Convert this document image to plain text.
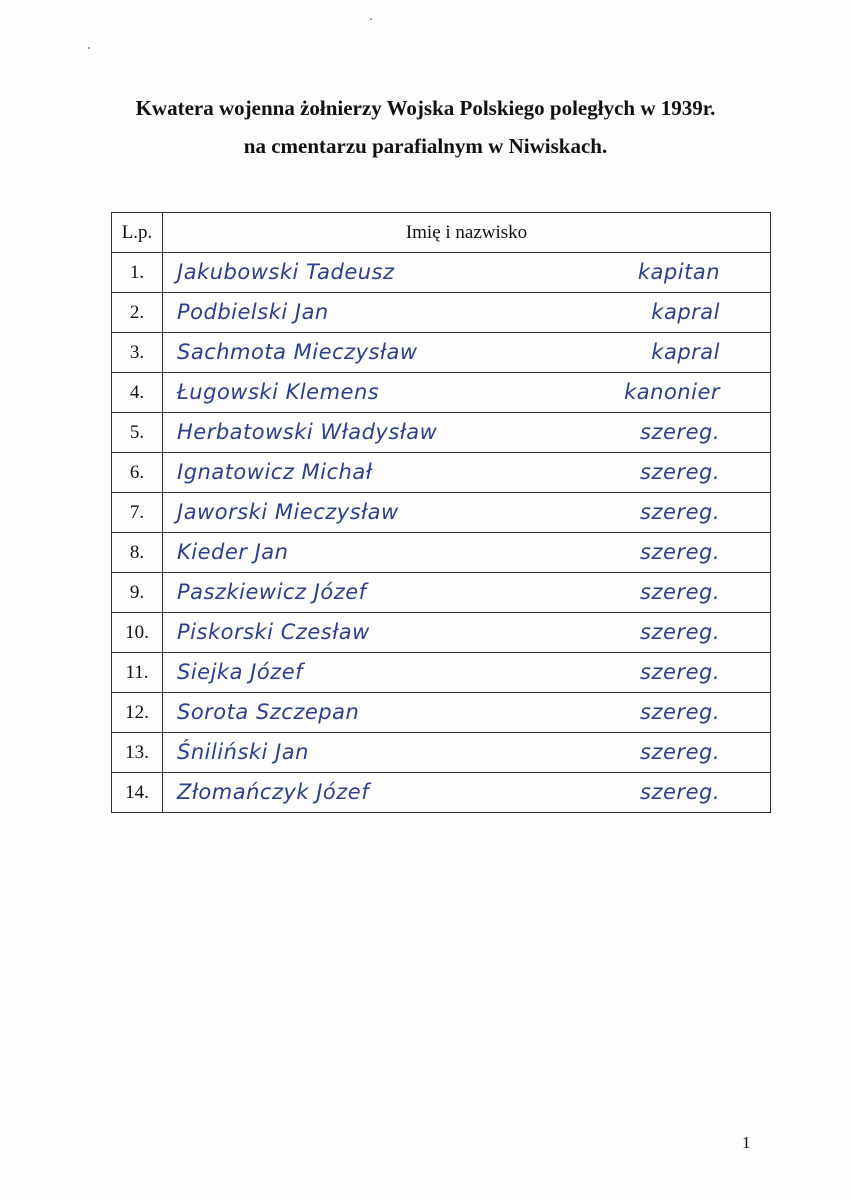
Kwatera wojenna żołnierzy Wojska Polskiego poległych w 1939r.
na cmentarzu parafialnym w Niwiskach.
L.p.	Imię i nazwisko
1.	Jakubowski Tadeusz kapitan

2.	Podbielski Jan kapral

3.	Sachmota Mieczysław kapral

4.	Ługowski Klemens kanonier

5.	Herbatowski Władysław szereg.

6.	Ignatowicz Michał szereg.

7.	Jaworski Mieczysław szereg.

8.	Kieder Jan szereg.

9.	Paszkiewicz Józef szereg.

10.	Piskorski Czesław szereg.

11.	Siejka Józef szereg.

12.	Sorota Szczepan szereg.

13.	Śniliński Jan szereg.

14.	Złomańczyk Józef szereg.
1
